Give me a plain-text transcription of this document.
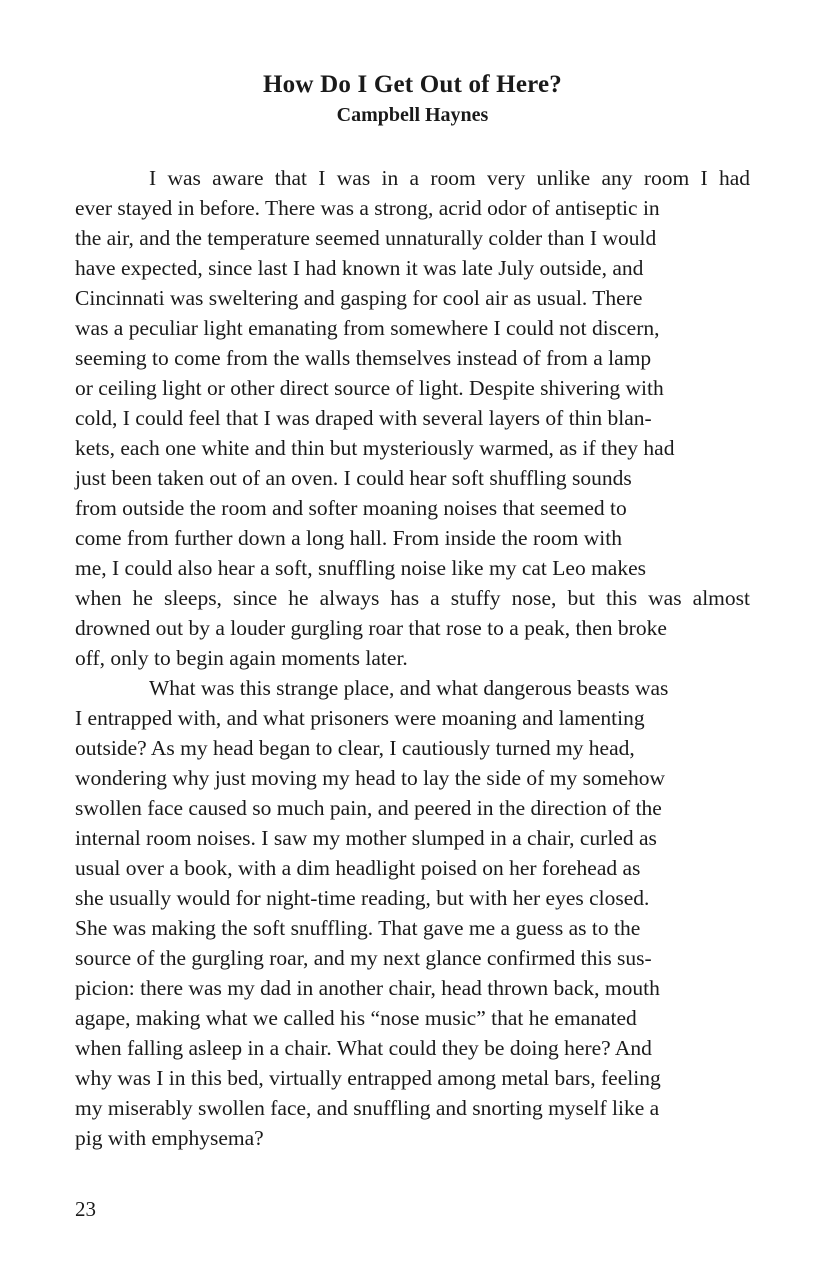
How Do I Get Out of Here?
Campbell Haynes
I was aware that I was in a room very unlike any room I had
ever stayed in before. There was a strong, acrid odor of antiseptic in
the air, and the temperature seemed unnaturally colder than I would
have expected, since last I had known it was late July outside, and
Cincinnati was sweltering and gasping for cool air as usual. There
was a peculiar light emanating from somewhere I could not discern,
seeming to come from the walls themselves instead of from a lamp
or ceiling light or other direct source of light. Despite shivering with
cold, I could feel that I was draped with several layers of thin blan-
kets, each one white and thin but mysteriously warmed, as if they had
just been taken out of an oven. I could hear soft shuffling sounds
from outside the room and softer moaning noises that seemed to
come from further down a long hall. From inside the room with
me, I could also hear a soft, snuffling noise like my cat Leo makes
when he sleeps, since he always has a stuffy nose, but this was almost
drowned out by a louder gurgling roar that rose to a peak, then broke
off, only to begin again moments later.
What was this strange place, and what dangerous beasts was
I entrapped with, and what prisoners were moaning and lamenting
outside? As my head began to clear, I cautiously turned my head,
wondering why just moving my head to lay the side of my somehow
swollen face caused so much pain, and peered in the direction of the
internal room noises. I saw my mother slumped in a chair, curled as
usual over a book, with a dim headlight poised on her forehead as
she usually would for night-time reading, but with her eyes closed.
She was making the soft snuffling. That gave me a guess as to the
source of the gurgling roar, and my next glance confirmed this sus-
picion: there was my dad in another chair, head thrown back, mouth
agape, making what we called his “nose music” that he emanated
when falling asleep in a chair. What could they be doing here? And
why was I in this bed, virtually entrapped among metal bars, feeling
my miserably swollen face, and snuffling and snorting myself like a
pig with emphysema?
23
